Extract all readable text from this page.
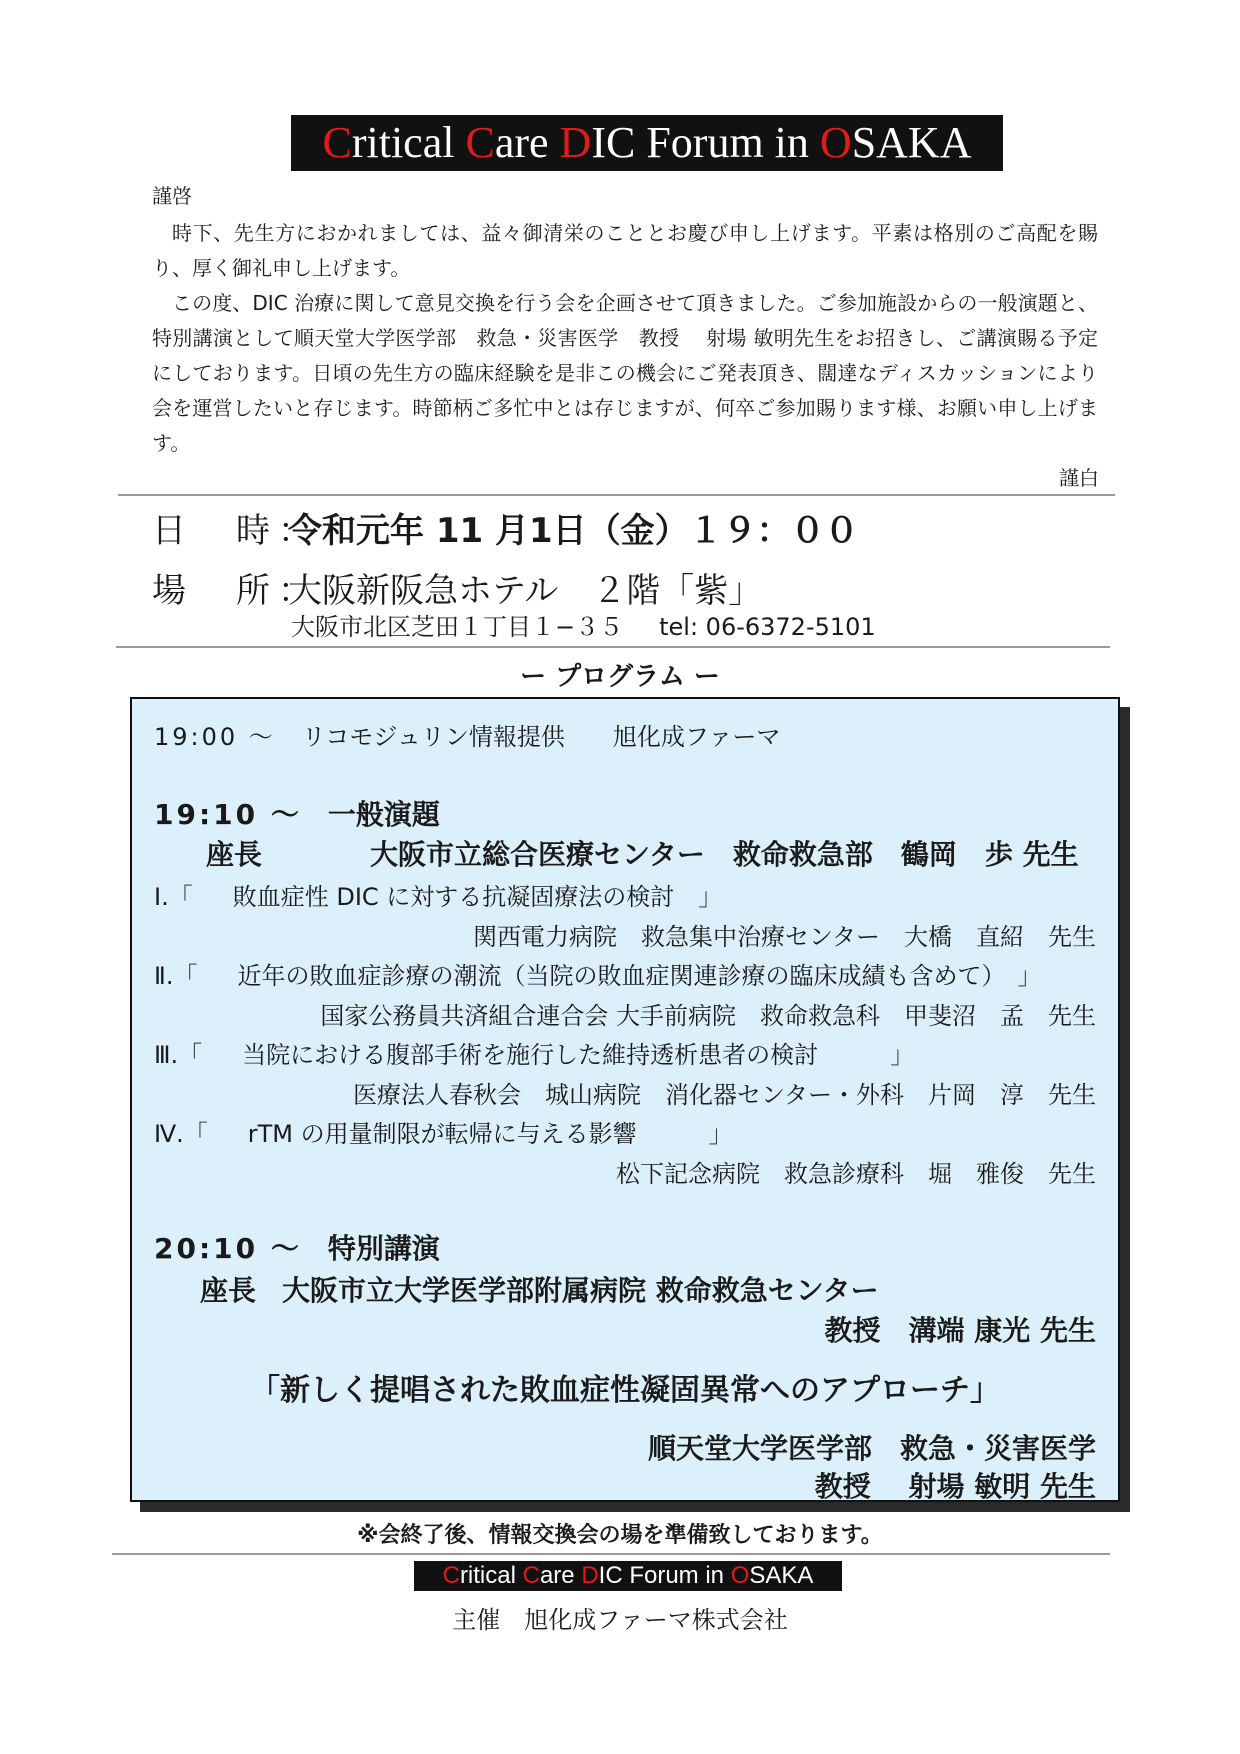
Critical Care DIC Forum in OSAKA
謹啓

時下、先生方におかれましては、益々御清栄のこととお慶び申し上げます。平素は格別のご高配を賜り、厚く御礼申し上げます。

この度、DIC 治療に関して意見交換を行う会を企画させて頂きました。ご参加施設からの一般演題と、特別講演として順天堂大学医学部　救急・災害医学　教授　 射場 敏明先生をお招きし、ご講演賜る予定にしております。日頃の先生方の臨床経験を是非この機会にご発表頂き、闊達なディスカッションにより会を運営したいと存じます。時節柄ご多忙中とは存じますが、何卒ご参加賜ります様、お願い申し上げます。

謹白
日　時：令和元年 11 月1日（金）１９：００
場　所：大阪新阪急ホテル　２階「紫」
大阪市北区芝田１丁目１−３５ tel: 06-6372-5101
ー プログラム ー
19:00 ～ リコモジュリン情報提供 旭化成ファーマ
19:10 ～ 一般演題
座長	大阪市立総合医療センター　救命救急部　鶴岡　歩 先生
Ⅰ.「 敗血症性 DIC に対する抗凝固療法の検討　」
関西電力病院　救急集中治療センター　大橋　直紹　先生
Ⅱ.「 近年の敗血症診療の潮流（当院の敗血症関連診療の臨床成績も含めて）　」
国家公務員共済組合連合会 大手前病院　救命救急科　甲斐沼　孟　先生
Ⅲ.「 当院における腹部手術を施行した維持透析患者の検討　　　」
医療法人春秋会　城山病院　消化器センター・外科　片岡　淳　先生
Ⅳ.「 rTM の用量制限が転帰に与える影響　　　」
松下記念病院　救急診療科　堀　雅俊　先生
20:10 ～ 特別講演
座長 大阪市立大学医学部附属病院 救命救急センター
教授　溝端 康光 先生
「新しく提唱された敗血症性凝固異常へのアプローチ」
順天堂大学医学部　救急・災害医学
教授　 射場 敏明 先生
※会終了後、情報交換会の場を準備致しております。
Critical Care DIC Forum in OSAKA
主催　旭化成ファーマ株式会社
